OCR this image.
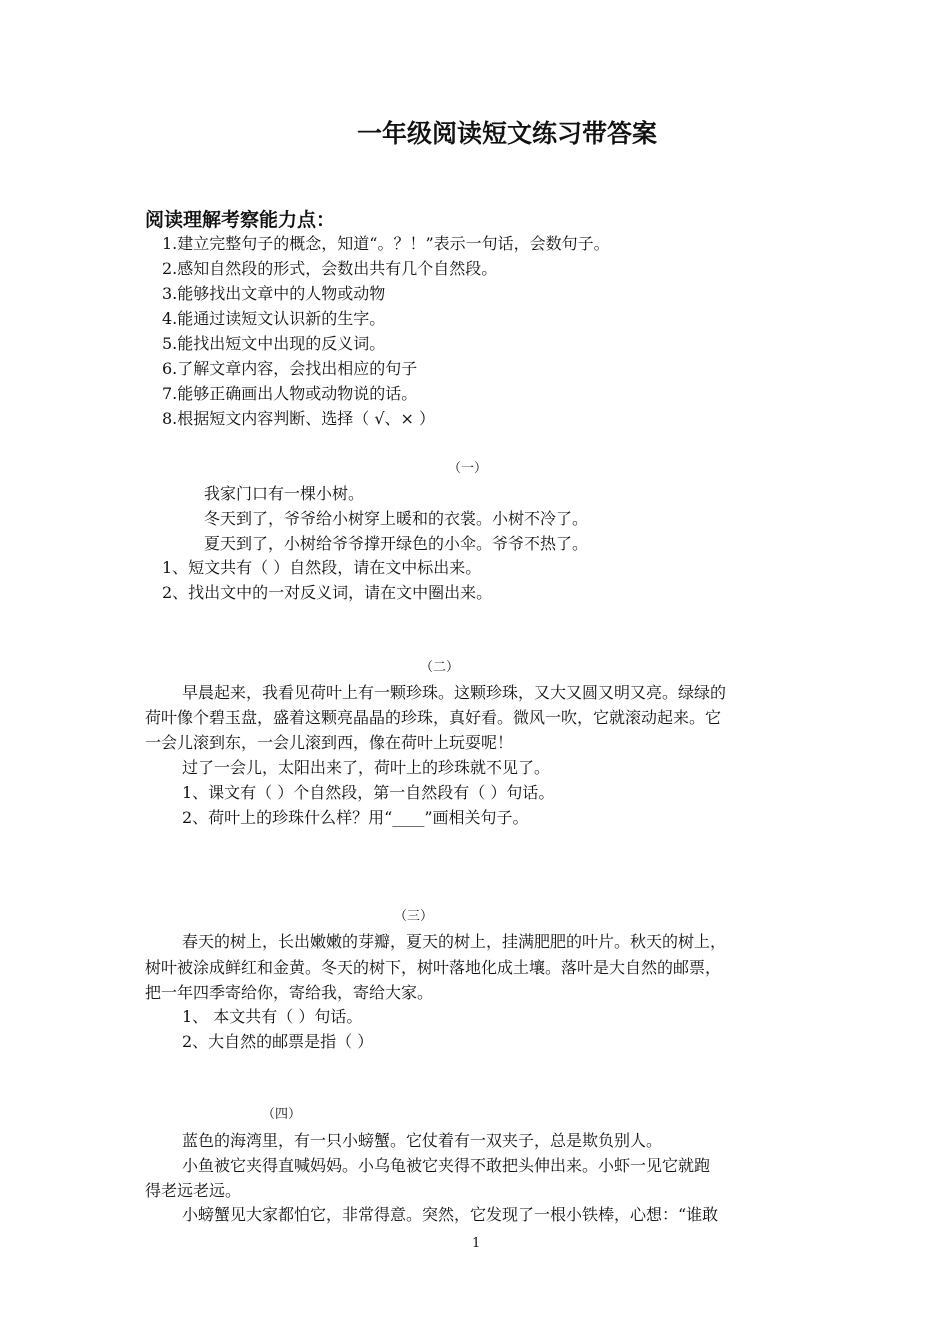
一年级阅读短文练习带答案
阅读理解考察能力点：
1.建立完整句子的概念，知道“。？！”表示一句话，会数句子。
2.感知自然段的形式，会数出共有几个自然段。
3.能够找出文章中的人物或动物
4.能通过读短文认识新的生字。
5.能找出短文中出现的反义词。
6.了解文章内容，会找出相应的句子
7.能够正确画出人物或动物说的话。
8.根据短文内容判断、选择（ √、× ）
（一）
我家门口有一棵小树。
冬天到了，爷爷给小树穿上暖和的衣裳。小树不冷了。
夏天到了，小树给爷爷撑开绿色的小伞。爷爷不热了。
1、短文共有（ ）自然段，请在文中标出来。
2、找出文中的一对反义词，请在文中圈出来。
（二）
早晨起来，我看见荷叶上有一颗珍珠。这颗珍珠，又大又圆又明又亮。绿绿的
荷叶像个碧玉盘，盛着这颗亮晶晶的珍珠，真好看。微风一吹，它就滚动起来。它
一会儿滚到东，一会儿滚到西，像在荷叶上玩耍呢！
过了一会儿，太阳出来了，荷叶上的珍珠就不见了。
1、课文有（ ）个自然段，第一自然段有（ ）句话。
2、荷叶上的珍珠什么样？用“____”画相关句子。
（三）
春天的树上，长出嫩嫩的芽瓣，夏天的树上，挂满肥肥的叶片。秋天的树上，
树叶被涂成鲜红和金黄。冬天的树下，树叶落地化成土壤。落叶是大自然的邮票，
把一年四季寄给你，寄给我，寄给大家。
1、 本文共有（ ）句话。
2、大自然的邮票是指（ ）
（四）
蓝色的海湾里，有一只小螃蟹。它仗着有一双夹子，总是欺负别人。
小鱼被它夹得直喊妈妈。小乌龟被它夹得不敢把头伸出来。小虾一见它就跑
得老远老远。
小螃蟹见大家都怕它，非常得意。突然，它发现了一根小铁棒，心想：“谁敢
1
